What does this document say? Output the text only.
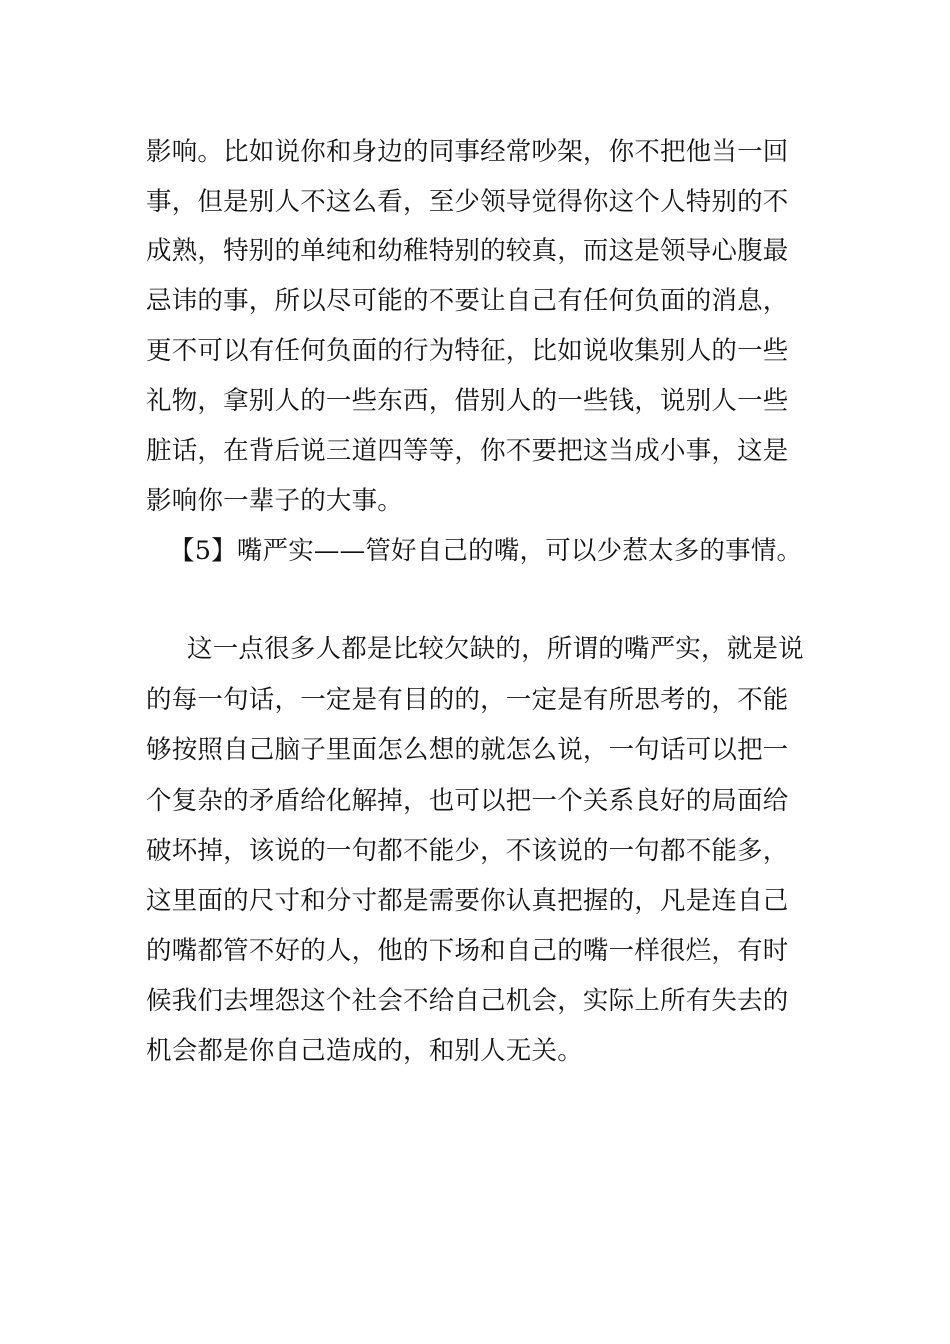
影响。比如说你和身边的同事经常吵架，你不把他当一回
事，但是别人不这么看，至少领导觉得你这个人特别的不
成熟，特别的单纯和幼稚特别的较真，而这是领导心腹最
忌讳的事，所以尽可能的不要让自己有任何负面的消息，
更不可以有任何负面的行为特征，比如说收集别人的一些
礼物，拿别人的一些东西，借别人的一些钱，说别人一些
脏话，在背后说三道四等等，你不要把这当成小事，这是
影响你一辈子的大事。
【5】嘴严实——管好自己的嘴，可以少惹太多的事情。
这一点很多人都是比较欠缺的，所谓的嘴严实，就是说
的每一句话，一定是有目的的，一定是有所思考的，不能
够按照自己脑子里面怎么想的就怎么说，一句话可以把一
个复杂的矛盾给化解掉，也可以把一个关系良好的局面给
破坏掉，该说的一句都不能少，不该说的一句都不能多，
这里面的尺寸和分寸都是需要你认真把握的，凡是连自己
的嘴都管不好的人，他的下场和自己的嘴一样很烂，有时
候我们去埋怨这个社会不给自己机会，实际上所有失去的
机会都是你自己造成的，和别人无关。
